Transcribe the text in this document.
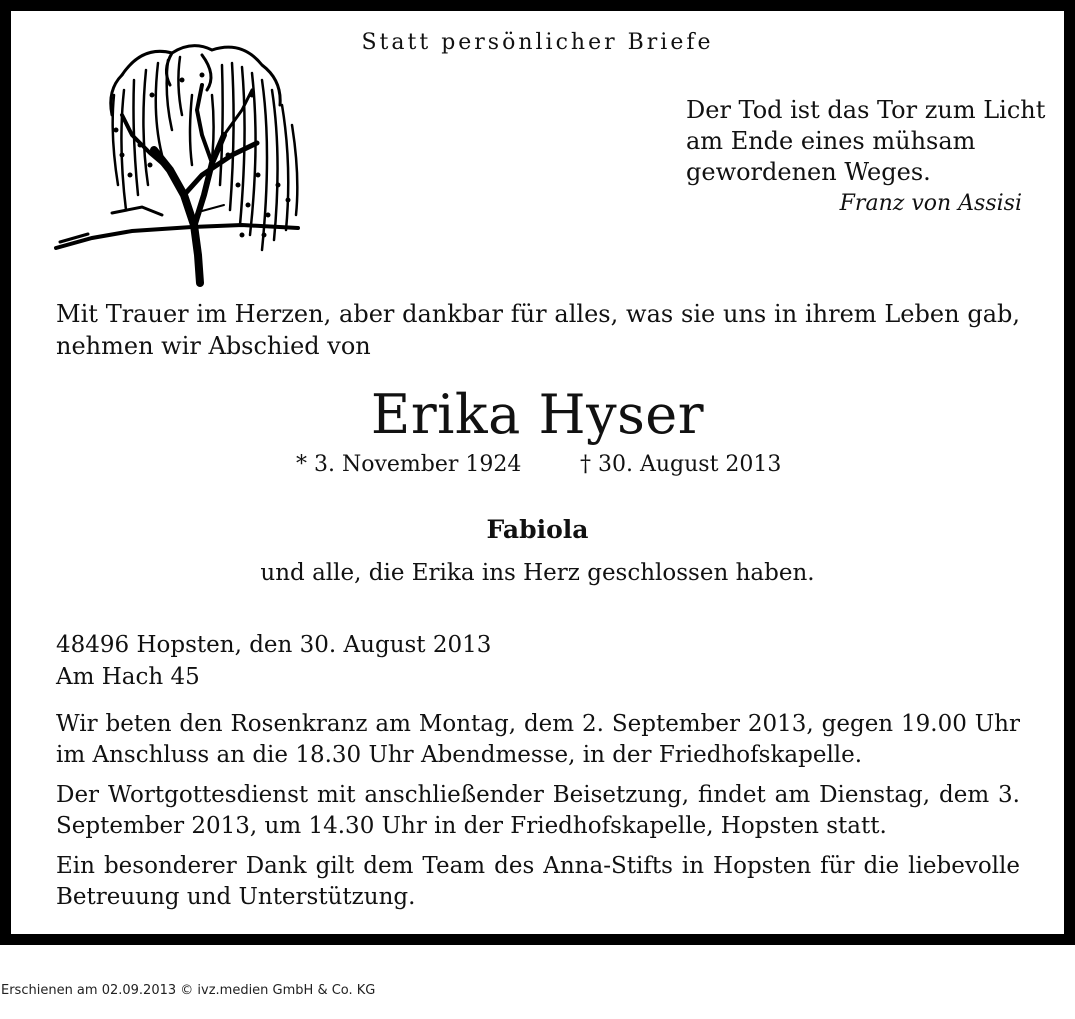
Statt persönlicher Briefe
Der Tod ist das Tor zum Licht
am Ende eines mühsam
gewordenen Weges.
Franz von Assisi
Mit Trauer im Herzen, aber dankbar für alles, was sie uns in ihrem Leben gab, nehmen wir Abschied von
Erika Hyser
* 3. November 1924	† 30. August 2013
Fabiola
und alle, die Erika ins Herz geschlossen haben.
48496 Hopsten, den 30. August 2013
Am Hach 45
Wir beten den Rosenkranz am Montag, dem 2. September 2013, gegen 19.00 Uhr im Anschluss an die 18.30 Uhr Abendmesse, in der Friedhofskapelle.
Der Wortgottesdienst mit anschließender Beisetzung, findet am Dienstag, dem 3. September 2013, um 14.30 Uhr in der Friedhofskapelle, Hopsten statt.
Ein besonderer Dank gilt dem Team des Anna-Stifts in Hopsten für die liebevolle Betreuung und Unterstützung.
Erschienen am 02.09.2013 © ivz.medien GmbH & Co. KG
